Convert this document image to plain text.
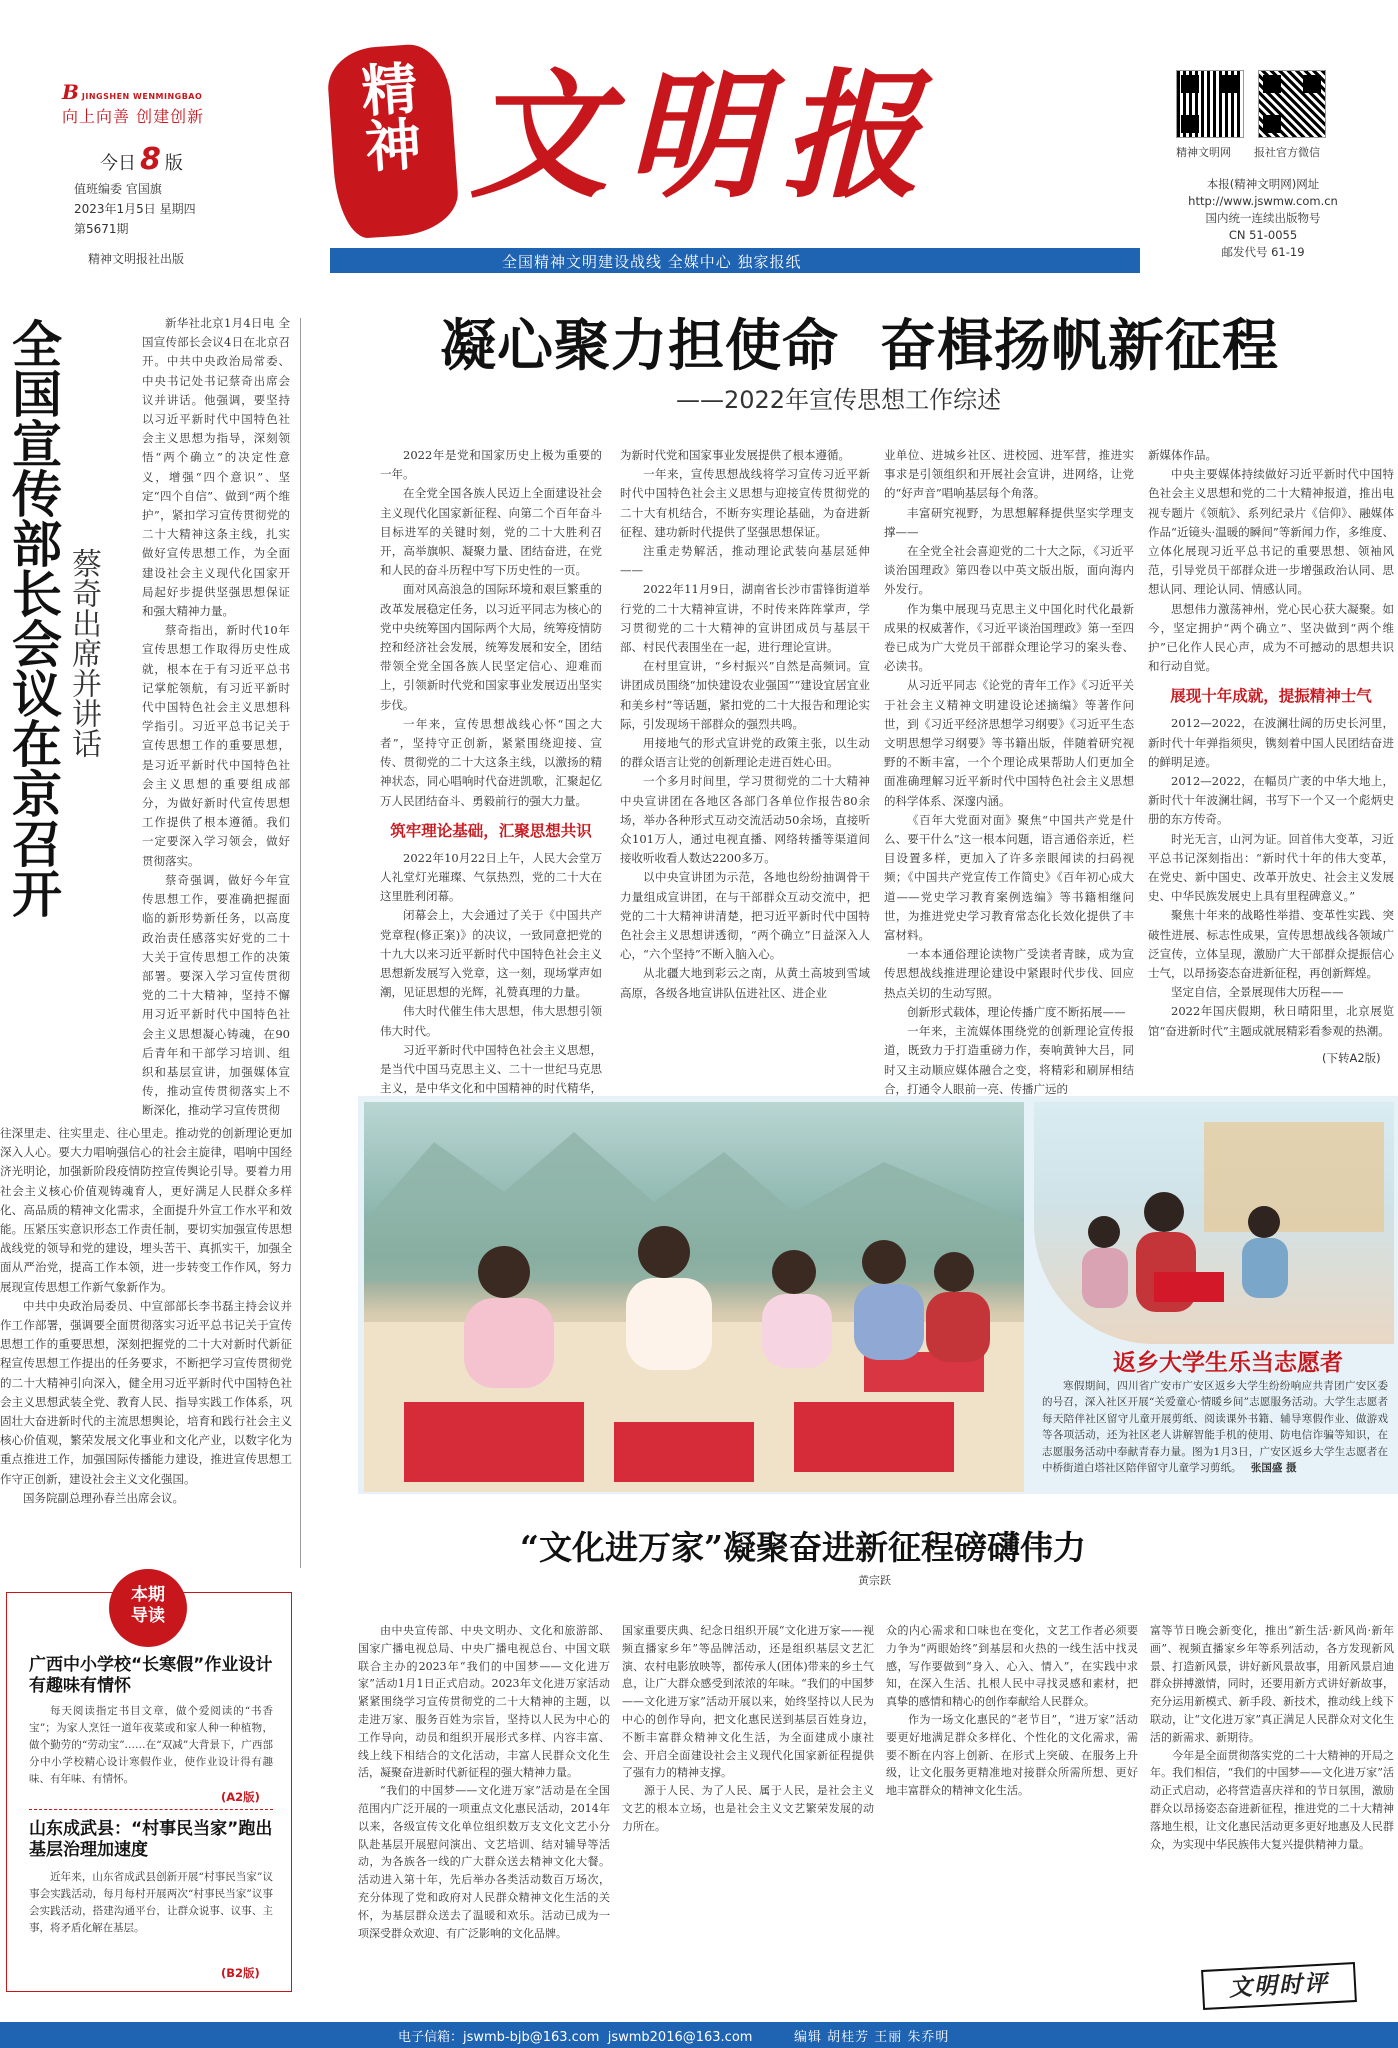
BJINGSHEN WENMINGBAO
向上向善 创建创新
今日 8 版
值班编委 官国旗
2023年1月5日 星期四
第5671期
精神文明报社出版
精神 文明报	精神文明网 报社官方微信
本报(精神文明网)网址
http://www.jswmw.com.cn
国内统一连续出版物号
CN 51-0055
邮发代号 61-19
全国精神文明建设战线 全媒中心 独家报纸
全国宣传部长会议在京召开 蔡奇出席并讲话

新华社北京1月4日电 全国宣传部长会议4日在北京召开。中共中央政治局常委、中央书记处书记蔡奇出席会议并讲话。他强调，要坚持以习近平新时代中国特色社会主义思想为指导，深刻领悟“两个确立”的决定性意义，增强“四个意识”、坚定“四个自信”、做到“两个维护”，紧扣学习宣传贯彻党的二十大精神这条主线，扎实做好宣传思想工作，为全面建设社会主义现代化国家开局起好步提供坚强思想保证和强大精神力量。

蔡奇指出，新时代10年宣传思想工作取得历史性成就，根本在于有习近平总书记掌舵领航，有习近平新时代中国特色社会主义思想科学指引。习近平总书记关于宣传思想工作的重要思想，是习近平新时代中国特色社会主义思想的重要组成部分，为做好新时代宣传思想工作提供了根本遵循。我们一定要深入学习领会，做好贯彻落实。

蔡奇强调，做好今年宣传思想工作，要准确把握面临的新形势新任务，以高度政治责任感落实好党的二十大关于宣传思想工作的决策部署。要深入学习宣传贯彻党的二十大精神，坚持不懈用习近平新时代中国特色社会主义思想凝心铸魂，在90后青年和干部学习培训、组织和基层宣讲，加强媒体宣传，推动宣传贯彻落实上不断深化，推动学习宣传贯彻

往深里走、往实里走、往心里走。推动党的创新理论更加深入人心。要大力唱响强信心的社会主旋律，唱响中国经济光明论，加强新阶段疫情防控宣传舆论引导。要着力用社会主义核心价值观铸魂育人，更好满足人民群众多样化、高品质的精神文化需求，全面提升外宣工作水平和效能。压紧压实意识形态工作责任制，要切实加强宣传思想战线党的领导和党的建设，埋头苦干、真抓实干，加强全面从严治党，提高工作本领，进一步转变工作作风，努力展现宣传思想工作新气象新作为。

中共中央政治局委员、中宣部部长李书磊主持会议并作工作部署，强调要全面贯彻落实习近平总书记关于宣传思想工作的重要思想，深刻把握党的二十大对新时代新征程宣传思想工作提出的任务要求，不断把学习宣传贯彻党的二十大精神引向深入，健全用习近平新时代中国特色社会主义思想武装全党、教育人民、指导实践工作体系，巩固壮大奋进新时代的主流思想舆论，培育和践行社会主义核心价值观，繁荣发展文化事业和文化产业，以数字化为重点推进工作，加强国际传播能力建设，推进宣传思想工作守正创新，建设社会主义文化强国。

国务院副总理孙春兰出席会议。

凝心聚力担使命  奋楫扬帆新征程
——2022年宣传思想工作综述

2022年是党和国家历史上极为重要的一年。

在全党全国各族人民迈上全面建设社会主义现代化国家新征程、向第二个百年奋斗目标进军的关键时刻，党的二十大胜利召开，高举旗帜、凝聚力量、团结奋进，在党和人民的奋斗历程中写下历史性的一页。

面对风高浪急的国际环境和艰巨繁重的改革发展稳定任务，以习近平同志为核心的党中央统筹国内国际两个大局，统筹疫情防控和经济社会发展，统筹发展和安全，团结带领全党全国各族人民坚定信心、迎难而上，引领新时代党和国家事业发展迈出坚实步伐。

一年来，宣传思想战线心怀“国之大者”，坚持守正创新，紧紧围绕迎接、宣传、贯彻党的二十大这条主线，以激扬的精神状态，同心唱响时代奋进凯歌，汇聚起亿万人民团结奋斗、勇毅前行的强大力量。

筑牢理论基础，汇聚思想共识

2022年10月22日上午，人民大会堂万人礼堂灯光璀璨、气氛热烈，党的二十大在这里胜利闭幕。

闭幕会上，大会通过了关于《中国共产党章程(修正案)》的决议，一致同意把党的十九大以来习近平新时代中国特色社会主义思想新发展写入党章，这一刻，现场掌声如潮，见证思想的光辉，礼赞真理的力量。

伟大时代催生伟大思想，伟大思想引领伟大时代。

习近平新时代中国特色社会主义思想，是当代中国马克思主义、二十一世纪马克思主义，是中华文化和中国精神的时代精华，

为新时代党和国家事业发展提供了根本遵循。

一年来，宣传思想战线将学习宣传习近平新时代中国特色社会主义思想与迎接宣传贯彻党的二十大有机结合，不断夯实理论基础，为奋进新征程、建功新时代提供了坚强思想保证。

注重走势解活，推动理论武装向基层延伸——

2022年11月9日，湖南省长沙市雷锋街道举行党的二十大精神宣讲，不时传来阵阵掌声，学习贯彻党的二十大精神的宣讲团成员与基层干部、村民代表围坐在一起，进行理论宣讲。

在村里宣讲，“乡村振兴”自然是高频词。宣讲团成员围绕“加快建设农业强国”“建设宜居宜业和美乡村”等话题，紧扣党的二十大报告和理论实际，引发现场干部群众的强烈共鸣。

用接地气的形式宣讲党的政策主张，以生动的群众语言让党的创新理论走进百姓心田。

一个多月时间里，学习贯彻党的二十大精神中央宣讲团在各地区各部门各单位作报告80余场，举办各种形式互动交流活动50余场，直接听众101万人，通过电视直播、网络转播等渠道间接收听收看人数达2200多万。

以中央宣讲团为示范，各地也纷纷抽调骨干力量组成宣讲团，在与干部群众互动交流中，把党的二十大精神讲清楚，把习近平新时代中国特色社会主义思想讲透彻，“两个确立”日益深入人心，“六个坚持”不断入脑入心。

从北疆大地到彩云之南，从黄土高坡到雪域高原，各级各地宣讲队伍进社区、进企业

业单位、进城乡社区、进校园、进军营，推进实事求是引领组织和开展社会宣讲，进网络，让党的“好声音”唱响基层每个角落。

丰富研究视野，为思想解释提供坚实学理支撑——

在全党全社会喜迎党的二十大之际，《习近平谈治国理政》第四卷以中英文版出版，面向海内外发行。

作为集中展现马克思主义中国化时代化最新成果的权威著作，《习近平谈治国理政》第一至四卷已成为广大党员干部群众理论学习的案头卷、必读书。

从习近平同志《论党的青年工作》《习近平关于社会主义精神文明建设论述摘编》等著作问世，到《习近平经济思想学习纲要》《习近平生态文明思想学习纲要》等书籍出版，伴随着研究视野的不断丰富，一个个理论成果帮助人们更加全面准确理解习近平新时代中国特色社会主义思想的科学体系、深邃内涵。

《百年大党面对面》聚焦“中国共产党是什么、要干什么”这一根本问题，语言通俗亲近，栏目设置多样，更加入了许多亲眼闻读的扫码视频；《中国共产党宣传工作简史》《百年初心成大道——党史学习教育案例选编》等书籍相继问世，为推进党史学习教育常态化长效化提供了丰富材料。

一本本通俗理论读物广受读者青睐，成为宣传思想战线推进理论建设中紧跟时代步伐、回应热点关切的生动写照。

创新形式载体，理论传播广度不断拓展——

一年来，主流媒体围绕党的创新理论宣传报道，既致力于打造重磅力作，奏响黄钟大吕，同时又主动顺应媒体融合之变，将精彩和刷屏相结合，打通令人眼前一亮、传播广远的

新媒体作品。

中央主要媒体持续做好习近平新时代中国特色社会主义思想和党的二十大精神报道，推出电视专题片《领航》、系列纪录片《信仰》、融媒体作品“近镜头·温暖的瞬间”等新闻力作，多维度、立体化展现习近平总书记的重要思想、领袖风范，引导党员干部群众进一步增强政治认同、思想认同、理论认同、情感认同。

思想伟力激荡神州，党心民心获大凝聚。如今，坚定拥护“两个确立”、坚决做到“两个维护”已化作人民心声，成为不可撼动的思想共识和行动自觉。

展现十年成就，提振精神士气

2012—2022，在波澜壮阔的历史长河里，新时代十年弹指须臾，镌刻着中国人民团结奋进的鲜明足迹。

2012—2022，在幅员广袤的中华大地上，新时代十年波澜壮阔，书写下一个又一个彪炳史册的东方传奇。

时光无言，山河为证。回首伟大变革，习近平总书记深刻指出：“新时代十年的伟大变革，在党史、新中国史、改革开放史、社会主义发展史、中华民族发展史上具有里程碑意义。”

聚焦十年来的战略性举措、变革性实践、突破性进展、标志性成果，宣传思想战线各领域广泛宣传，立体呈现，激励广大干部群众提振信心士气，以昂扬姿态奋进新征程，再创新辉煌。

坚定自信，全景展现伟大历程——

2022年国庆假期，秋日晴阳里，北京展览馆“奋进新时代”主题成就展精彩看参观的热潮。

(下转A2版)
返乡大学生乐当志愿者
寒假期间，四川省广安市广安区返乡大学生纷纷响应共青团广安区委的号召，深入社区开展“关爱童心·情暖乡间”志愿服务活动。大学生志愿者每天陪伴社区留守儿童开展剪纸、阅读课外书籍、辅导寒假作业、做游戏等各项活动，还为社区老人讲解智能手机的使用、防电信诈骗等知识，在志愿服务活动中奉献青春力量。图为1月3日，广安区返乡大学生志愿者在中桥街道白塔社区陪伴留守儿童学习剪纸。 张国盛 摄
本期
导读
广西中小学校“长寒假”作业设计有趣味有情怀
每天阅读指定书目文章，做个爱阅读的“书香宝”；为家人烹饪一道年夜菜或和家人种一种植物，做个勤劳的“劳动宝”……在“双减”大背景下，广西部分中小学校精心设计寒假作业，使作业设计得有趣味、有年味、有情怀。
(A2版)
山东成武县：“村事民当家”跑出基层治理加速度
近年来，山东省成武县创新开展“村事民当家”议事会实践活动，每月每村开展两次“村事民当家”议事会实践活动，搭建沟通平台，让群众说事、议事、主事，将矛盾化解在基层。
(B2版)
“文化进万家”凝聚奋进新征程磅礴伟力
黄宗跃

由中央宣传部、中央文明办、文化和旅游部、国家广播电视总局、中央广播电视总台、中国文联联合主办的2023年“我们的中国梦——文化进万家”活动1月1日正式启动。2023年文化进万家活动紧紧围绕学习宣传贯彻党的二十大精神的主题，以走进万家、服务百姓为宗旨，坚持以人民为中心的工作导向，动员和组织开展形式多样、内容丰富、线上线下相结合的文化活动，丰富人民群众文化生活，凝聚奋进新时代新征程的强大精神力量。

“我们的中国梦——文化进万家”活动是在全国范围内广泛开展的一项重点文化惠民活动，2014年以来，各级宣传文化单位组织数万支文化文艺小分队赴基层开展慰问演出、文艺培训、结对辅导等活动，为各族各一线的广大群众送去精神文化大餐。活动进入第十年，先后举办各类活动数百万场次，充分体现了党和政府对人民群众精神文化生活的关怀，为基层群众送去了温暖和欢乐。活动已成为一项深受群众欢迎、有广泛影响的文化品牌。

国家重要庆典、纪念日组织开展“文化进万家——视频直播家乡年”等品牌活动，还是组织基层文艺汇演、农村电影放映等，都传承人(团体)带来的乡土气息，让广大群众感受到浓浓的年味。“我们的中国梦——文化进万家”活动开展以来，始终坚持以人民为中心的创作导向，把文化惠民送到基层百姓身边，不断丰富群众精神文化生活，为全面建成小康社会、开启全面建设社会主义现代化国家新征程提供了强有力的精神支撑。

源于人民、为了人民、属于人民，是社会主义文艺的根本立场，也是社会主义文艺繁荣发展的动力所在。

众的内心需求和口味也在变化，文艺工作者必须要力争为“两眼始终”到基层和火热的一线生活中找灵感，写作要做到“身入、心入、情入”，在实践中求知，在深入生活、扎根人民中寻找灵感和素材，把真挚的感情和精心的创作奉献给人民群众。

作为一场文化惠民的“老节目”，“进万家”活动要更好地满足群众多样化、个性化的文化需求，需要不断在内容上创新、在形式上突破、在服务上升级，让文化服务更精准地对接群众所需所想、更好地丰富群众的精神文化生活。

富等节日晚会新变化，推出“新生活·新风尚·新年画”、视频直播家乡年等系列活动，各方发现新风景、打造新风景，讲好新风景故事，用新风景启迪群众拼搏激情，同时，还要用新方式讲好新故事，充分运用新模式、新手段、新技术，推动线上线下联动，让“文化进万家”真正满足人民群众对文化生活的新需求、新期待。

今年是全面贯彻落实党的二十大精神的开局之年。我们相信，“我们的中国梦——文化进万家”活动正式启动，必将营造喜庆祥和的节日氛围，激励群众以昂扬姿态奋进新征程，推进党的二十大精神落地生根，让文化惠民活动更多更好地惠及人民群众，为实现中华民族伟大复兴提供精神力量。

文明时评
电子信箱：jswmb-bjb@163.com  jswmb2016@163.com	编辑 胡桂芳 王丽 朱乔明
